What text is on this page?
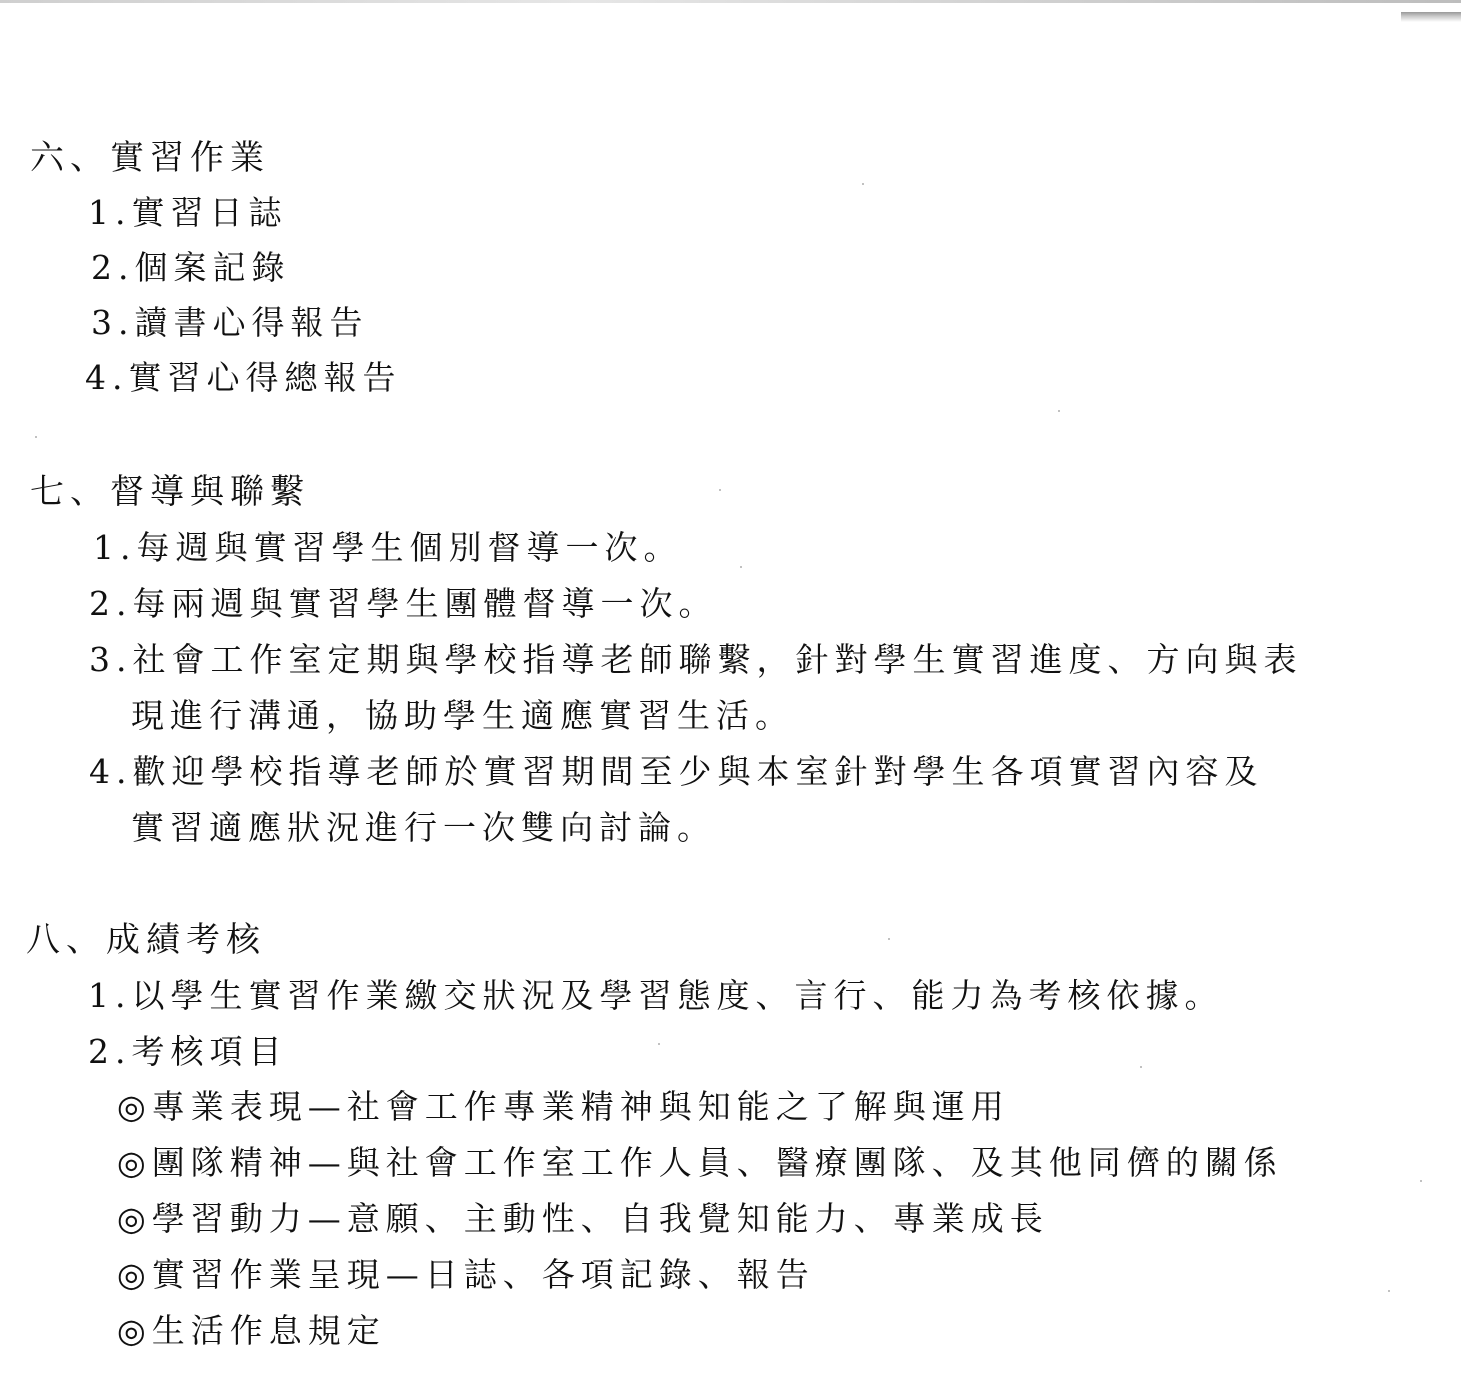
六、實習作業
1.實習日誌
2.個案記錄
3.讀書心得報告
4.實習心得總報告
七、督導與聯繫
1.每週與實習學生個別督導一次。
2.每兩週與實習學生團體督導一次。
3.社會工作室定期與學校指導老師聯繫，針對學生實習進度、方向與表
現進行溝通，協助學生適應實習生活。
4.歡迎學校指導老師於實習期間至少與本室針對學生各項實習內容及
實習適應狀況進行一次雙向討論。
八、成績考核
1.以學生實習作業繳交狀況及學習態度、言行、能力為考核依據。
2.考核項目
◎專業表現—社會工作專業精神與知能之了解與運用
◎團隊精神—與社會工作室工作人員、醫療團隊、及其他同儕的關係
◎學習動力—意願、主動性、自我覺知能力、專業成長
◎實習作業呈現—日誌、各項記錄、報告
◎生活作息規定
